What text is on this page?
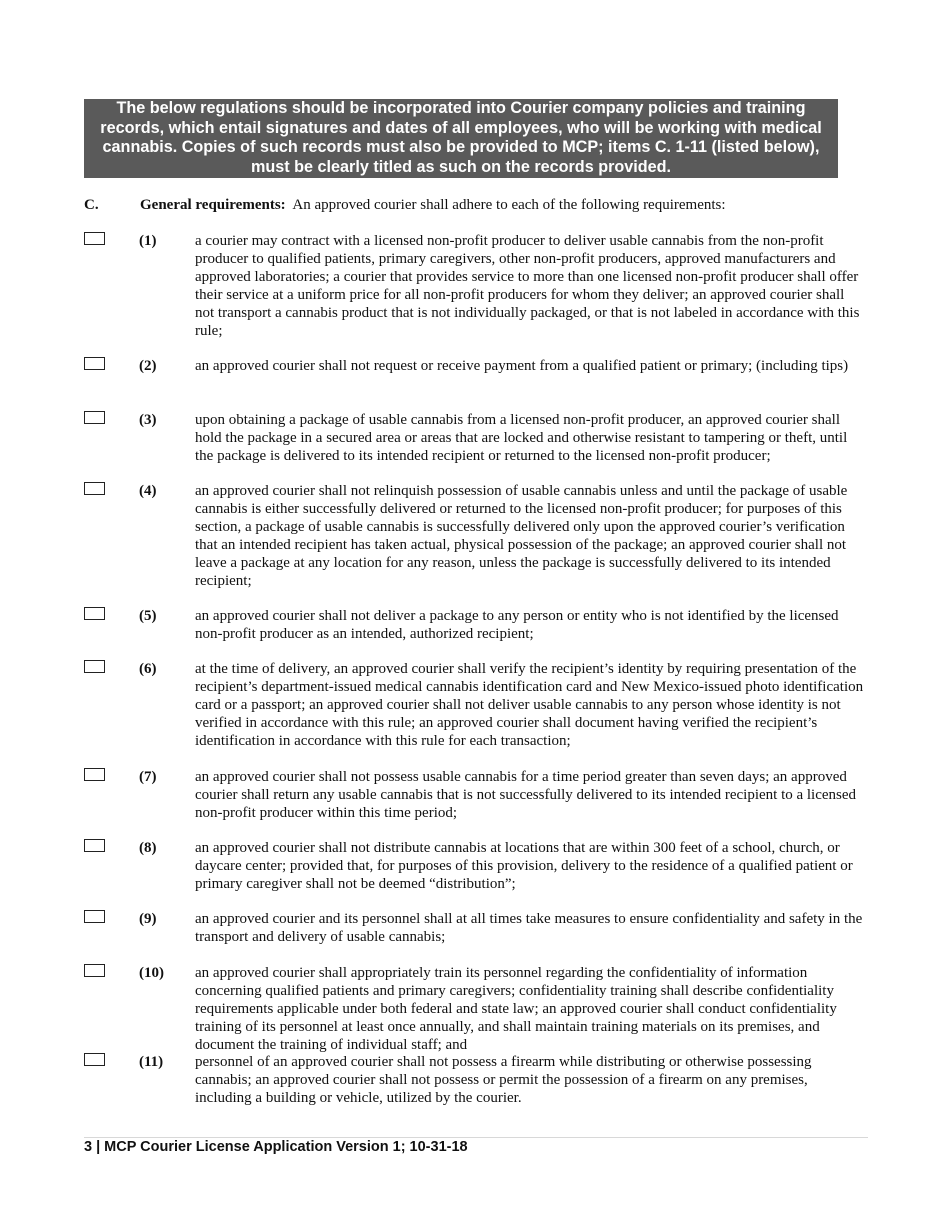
The below regulations should be incorporated into Courier company policies and training records, which entail signatures and dates of all employees, who will be working with medical cannabis. Copies of such records must also be provided to MCP; items C. 1-11 (listed below), must be clearly titled as such on the records provided.
C.	General requirements: An approved courier shall adhere to each of the following requirements:
(1)	a courier may contract with a licensed non-profit producer to deliver usable cannabis from the non-profit producer to qualified patients, primary caregivers, other non-profit producers, approved manufacturers and approved laboratories; a courier that provides service to more than one licensed non-profit producer shall offer their service at a uniform price for all non-profit producers for whom they deliver; an approved courier shall not transport a cannabis product that is not individually packaged, or that is not labeled in accordance with this rule;
(2)	an approved courier shall not request or receive payment from a qualified patient or primary; (including tips)
(3)	upon obtaining a package of usable cannabis from a licensed non-profit producer, an approved courier shall hold the package in a secured area or areas that are locked and otherwise resistant to tampering or theft, until the package is delivered to its intended recipient or returned to the licensed non-profit producer;
(4)	an approved courier shall not relinquish possession of usable cannabis unless and until the package of usable cannabis is either successfully delivered or returned to the licensed non-profit producer; for purposes of this section, a package of usable cannabis is successfully delivered only upon the approved courier’s verification that an intended recipient has taken actual, physical possession of the package; an approved courier shall not leave a package at any location for any reason, unless the package is successfully delivered to its intended recipient;
(5)	an approved courier shall not deliver a package to any person or entity who is not identified by the licensed non-profit producer as an intended, authorized recipient;
(6)	at the time of delivery, an approved courier shall verify the recipient’s identity by requiring presentation of the recipient’s department-issued medical cannabis identification card and New Mexico-issued photo identification card or a passport; an approved courier shall not deliver usable cannabis to any person whose identity is not verified in accordance with this rule; an approved courier shall document having verified the recipient’s identification in accordance with this rule for each transaction;
(7)	an approved courier shall not possess usable cannabis for a time period greater than seven days; an approved courier shall return any usable cannabis that is not successfully delivered to its intended recipient to a licensed non-profit producer within this time period;
(8)	an approved courier shall not distribute cannabis at locations that are within 300 feet of a school, church, or daycare center; provided that, for purposes of this provision, delivery to the residence of a qualified patient or primary caregiver shall not be deemed “distribution”;
(9)	an approved courier and its personnel shall at all times take measures to ensure confidentiality and safety in the transport and delivery of usable cannabis;
(10) an approved courier shall appropriately train its personnel regarding the confidentiality of information concerning qualified patients and primary caregivers; confidentiality training shall describe confidentiality requirements applicable under both federal and state law; an approved courier shall conduct confidentiality training of its personnel at least once annually, and shall maintain training materials on its premises, and document the training of individual staff; and
(11) personnel of an approved courier shall not possess a firearm while distributing or otherwise possessing cannabis; an approved courier shall not possess or permit the possession of a firearm on any premises, including a building or vehicle, utilized by the courier.
3 | MCP Courier License Application Version 1; 10-31-18
